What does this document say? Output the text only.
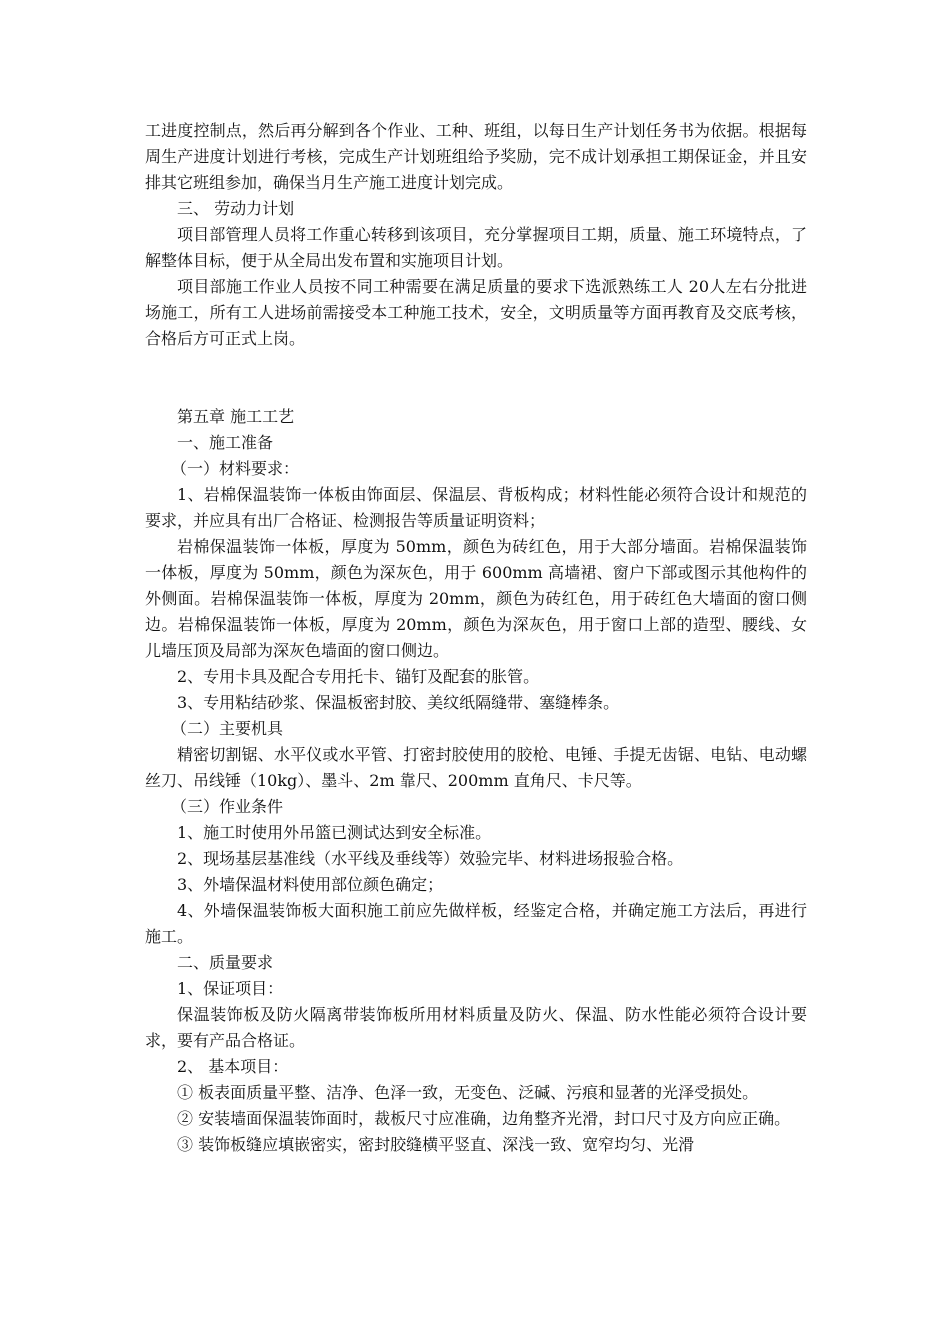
工进度控制点，然后再分解到各个作业、工种、班组，以每日生产计划任务书为依据。根据每周生产进度计划进行考核，完成生产计划班组给予奖励，完不成计划承担工期保证金，并且安排其它班组参加，确保当月生产施工进度计划完成。

三、 劳动力计划

项目部管理人员将工作重心转移到该项目，充分掌握项目工期，质量、施工环境特点，了解整体目标，便于从全局出发布置和实施项目计划。

项目部施工作业人员按不同工种需要在满足质量的要求下选派熟练工人 20人左右分批进场施工，所有工人进场前需接受本工种施工技术，安全，文明质量等方面再教育及交底考核，合格后方可正式上岗。

第五章 施工工艺

一、施工准备

（一）材料要求：

1、岩棉保温装饰一体板由饰面层、保温层、背板构成；材料性能必须符合设计和规范的要求，并应具有出厂合格证、检测报告等质量证明资料；

岩棉保温装饰一体板，厚度为 50mm，颜色为砖红色，用于大部分墙面。岩棉保温装饰一体板，厚度为 50mm，颜色为深灰色，用于 600mm 高墙裙、窗户下部或图示其他构件的外侧面。岩棉保温装饰一体板，厚度为 20mm，颜色为砖红色，用于砖红色大墙面的窗口侧边。岩棉保温装饰一体板，厚度为 20mm，颜色为深灰色，用于窗口上部的造型、腰线、女儿墙压顶及局部为深灰色墙面的窗口侧边。

2、专用卡具及配合专用托卡、锚钉及配套的胀管。

3、专用粘结砂浆、保温板密封胶、美纹纸隔缝带、塞缝棒条。

（二）主要机具

精密切割锯、水平仪或水平管、打密封胶使用的胶枪、电锤、手提无齿锯、电钻、电动螺丝刀、吊线锤（10kg）、墨斗、2m 靠尺、200mm 直角尺、卡尺等。

（三）作业条件

1、施工时使用外吊篮已测试达到安全标准。

2、现场基层基准线（水平线及垂线等）效验完毕、材料进场报验合格。

3、外墙保温材料使用部位颜色确定；

4、外墙保温装饰板大面积施工前应先做样板，经鉴定合格，并确定施工方法后，再进行施工。

二、质量要求

1、保证项目：

保温装饰板及防火隔离带装饰板所用材料质量及防火、保温、防水性能必须符合设计要求，要有产品合格证。

2、 基本项目：

① 板表面质量平整、洁净、色泽一致，无变色、泛碱、污痕和显著的光泽受损处。

② 安装墙面保温装饰面时，裁板尺寸应准确，边角整齐光滑，封口尺寸及方向应正确。

③ 装饰板缝应填嵌密实，密封胶缝横平竖直、深浅一致、宽窄均匀、光滑
